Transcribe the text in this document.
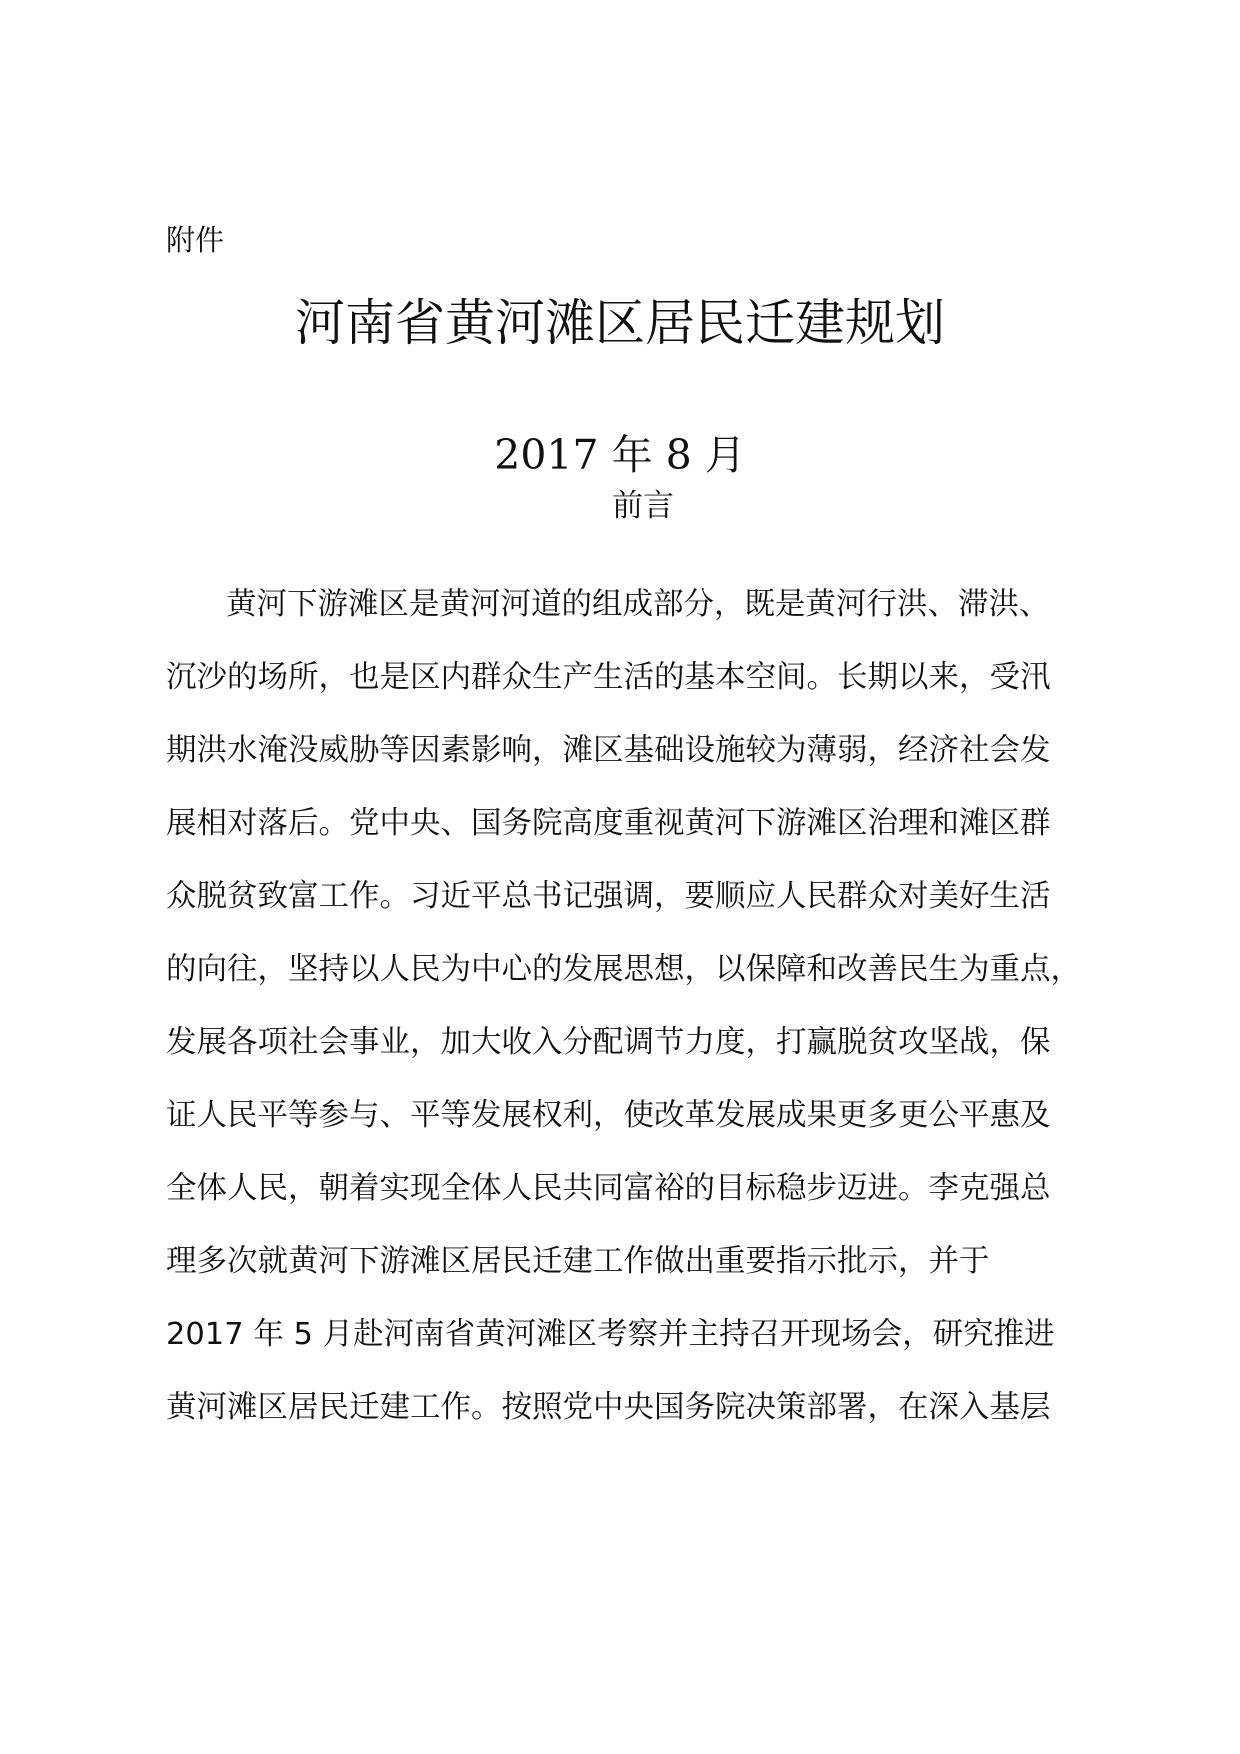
附件
河南省黄河滩区居民迁建规划
2017 年 8 月
前言
黄河下游滩区是黄河河道的组成部分，既是黄河行洪、滞洪、
沉沙的场所，也是区内群众生产生活的基本空间。长期以来，受汛
期洪水淹没威胁等因素影响，滩区基础设施较为薄弱，经济社会发
展相对落后。党中央、国务院高度重视黄河下游滩区治理和滩区群
众脱贫致富工作。习近平总书记强调，要顺应人民群众对美好生活
的向往，坚持以人民为中心的发展思想，以保障和改善民生为重点，
发展各项社会事业，加大收入分配调节力度，打赢脱贫攻坚战，保
证人民平等参与、平等发展权利，使改革发展成果更多更公平惠及
全体人民，朝着实现全体人民共同富裕的目标稳步迈进。李克强总
理多次就黄河下游滩区居民迁建工作做出重要指示批示，并于
2017 年 5 月赴河南省黄河滩区考察并主持召开现场会，研究推进
黄河滩区居民迁建工作。按照党中央国务院决策部署，在深入基层
